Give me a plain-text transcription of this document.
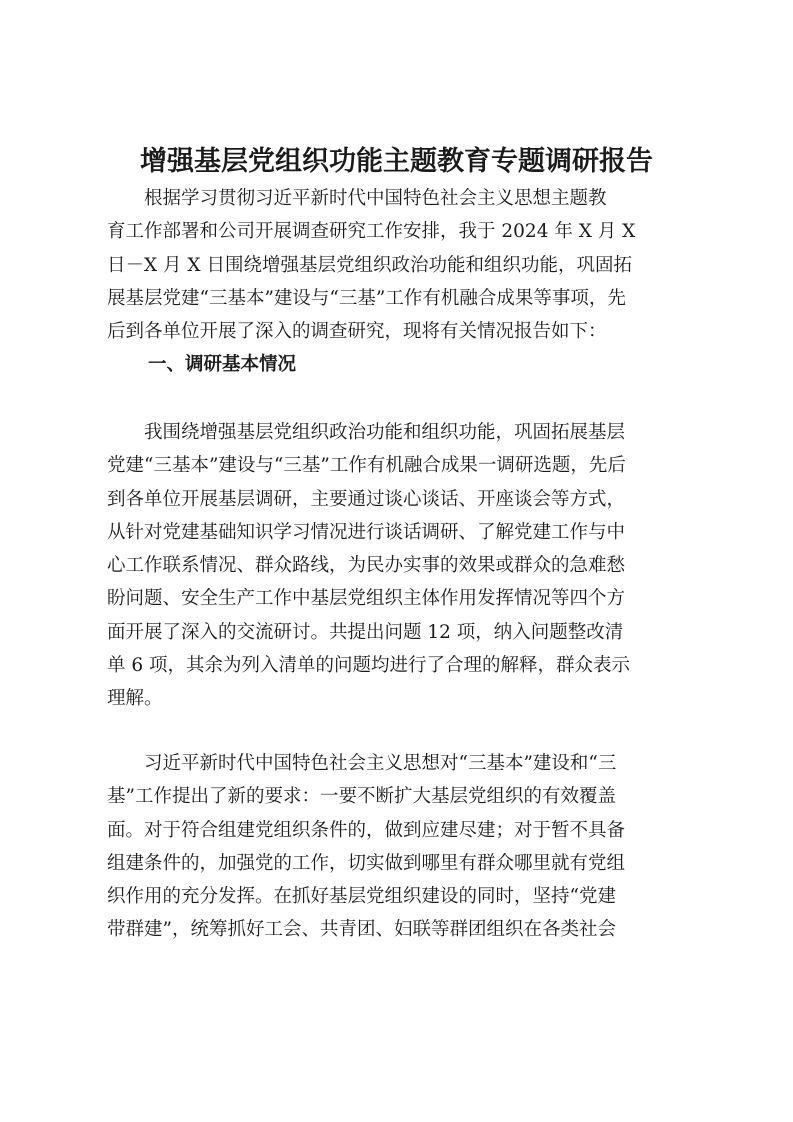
增强基层党组织功能主题教育专题调研报告
根据学习贯彻习近平新时代中国特色社会主义思想主题教
育工作部署和公司开展调查研究工作安排，我于 2024 年 X 月 X
日－X 月 X 日围绕增强基层党组织政治功能和组织功能，巩固拓
展基层党建“三基本”建设与“三基”工作有机融合成果等事项，先
后到各单位开展了深入的调查研究，现将有关情况报告如下：
一、调研基本情况
我围绕增强基层党组织政治功能和组织功能，巩固拓展基层
党建“三基本”建设与“三基”工作有机融合成果一调研选题，先后
到各单位开展基层调研，主要通过谈心谈话、开座谈会等方式，
从针对党建基础知识学习情况进行谈话调研、了解党建工作与中
心工作联系情况、群众路线，为民办实事的效果或群众的急难愁
盼问题、安全生产工作中基层党组织主体作用发挥情况等四个方
面开展了深入的交流研讨。共提出问题 12 项，纳入问题整改清
单 6 项，其余为列入清单的问题均进行了合理的解释，群众表示
理解。
习近平新时代中国特色社会主义思想对“三基本”建设和“三
基”工作提出了新的要求：一要不断扩大基层党组织的有效覆盖
面。对于符合组建党组织条件的，做到应建尽建；对于暂不具备
组建条件的，加强党的工作，切实做到哪里有群众哪里就有党组
织作用的充分发挥。在抓好基层党组织建设的同时，坚持“党建
带群建”，统筹抓好工会、共青团、妇联等群团组织在各类社会
